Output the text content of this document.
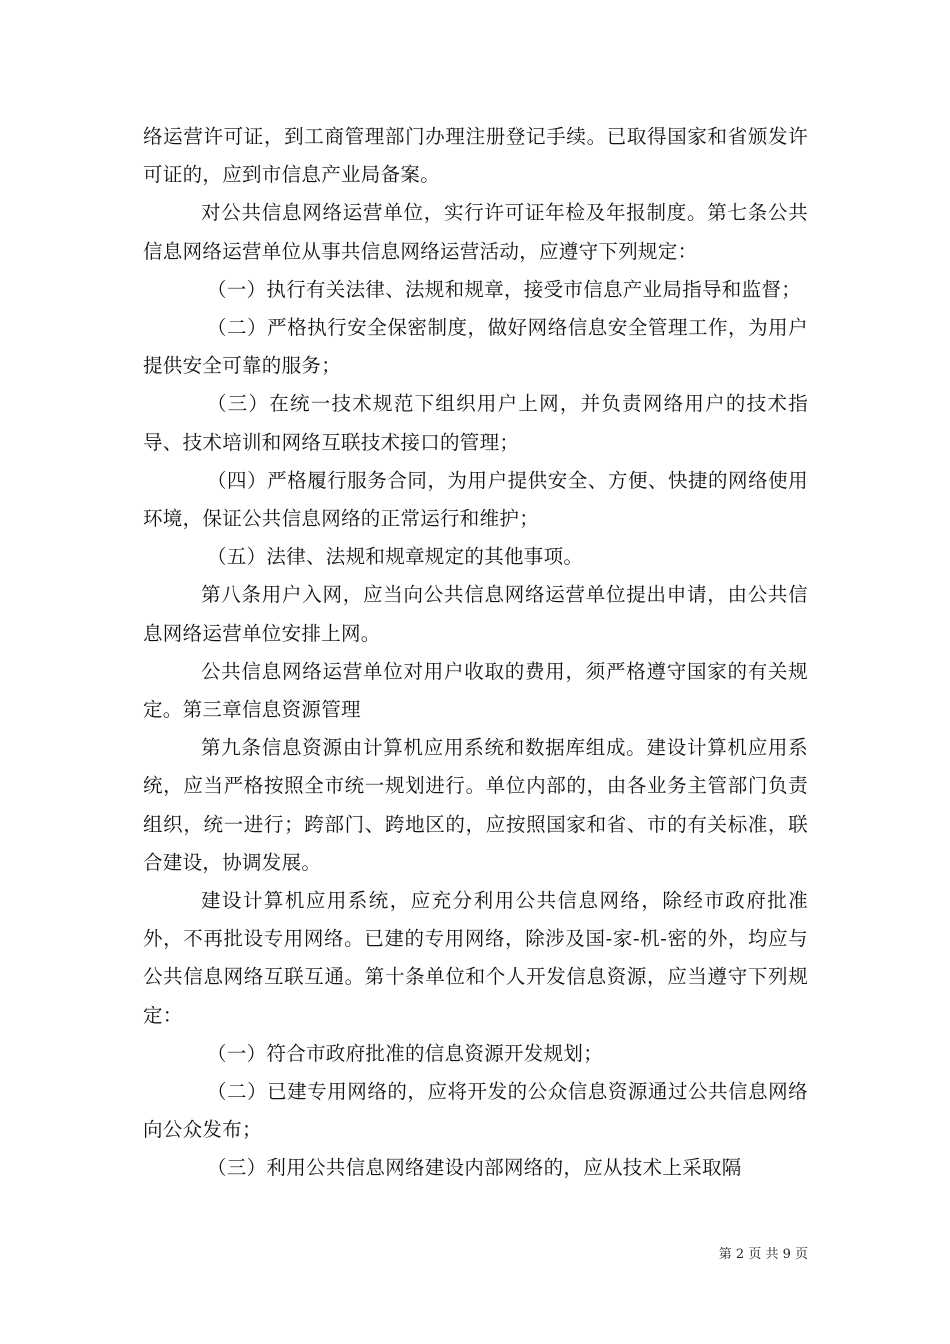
络运营许可证，到工商管理部门办理注册登记手续。已取得国家和省颁发许可证的，应到市信息产业局备案。

对公共信息网络运营单位，实行许可证年检及年报制度。第七条公共信息网络运营单位从事共信息网络运营活动，应遵守下列规定：

（一）执行有关法律、法规和规章，接受市信息产业局指导和监督；

（二）严格执行安全保密制度，做好网络信息安全管理工作，为用户提供安全可靠的服务；

（三）在统一技术规范下组织用户上网，并负责网络用户的技术指导、技术培训和网络互联技术接口的管理；

（四）严格履行服务合同，为用户提供安全、方便、快捷的网络使用环境，保证公共信息网络的正常运行和维护；

（五）法律、法规和规章规定的其他事项。

第八条用户入网，应当向公共信息网络运营单位提出申请，由公共信息网络运营单位安排上网。

公共信息网络运营单位对用户收取的费用，须严格遵守国家的有关规定。第三章信息资源管理

第九条信息资源由计算机应用系统和数据库组成。建设计算机应用系统，应当严格按照全市统一规划进行。单位内部的，由各业务主管部门负责组织，统一进行；跨部门、跨地区的，应按照国家和省、市的有关标准，联合建设，协调发展。

建设计算机应用系统，应充分利用公共信息网络，除经市政府批准外，不再批设专用网络。已建的专用网络，除涉及国-家-机-密的外，均应与公共信息网络互联互通。第十条单位和个人开发信息资源，应当遵守下列规定：

（一）符合市政府批准的信息资源开发规划；

（二）已建专用网络的，应将开发的公众信息资源通过公共信息网络向公众发布；

（三）利用公共信息网络建设内部网络的，应从技术上采取隔

第 2 页 共 9 页
